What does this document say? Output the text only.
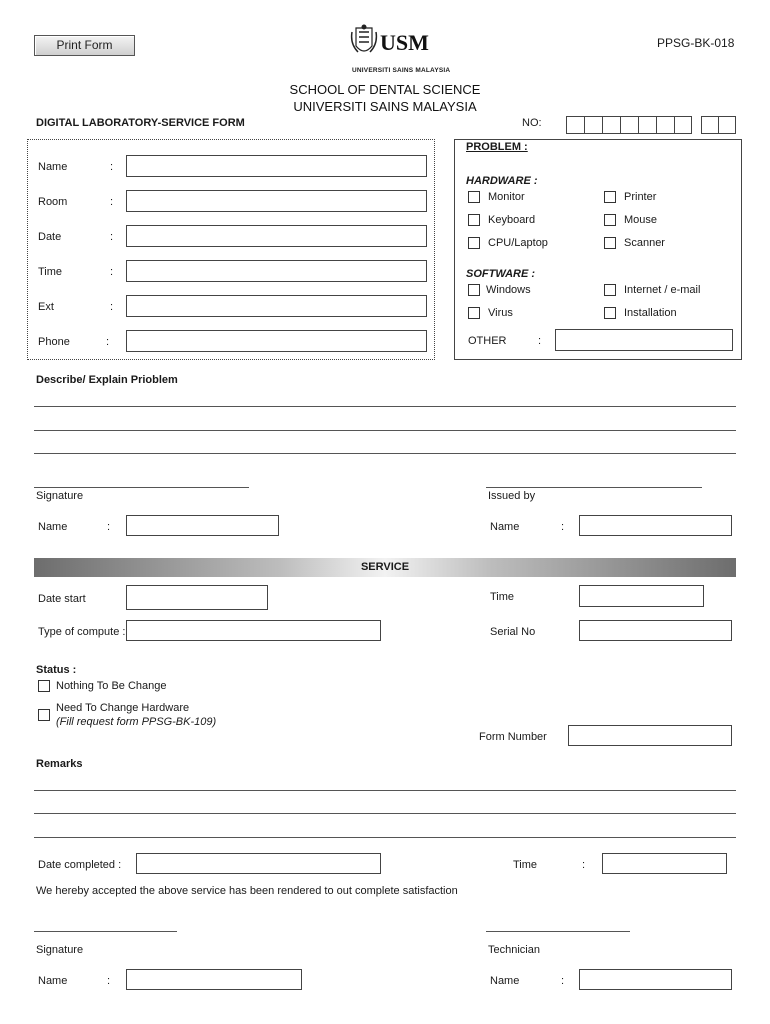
Print Form	PPSG-BK-018
USM
UNIVERSITI SAINS MALAYSIA
SCHOOL OF DENTAL SCIENCE
UNIVERSITI SAINS MALAYSIA
DIGITAL LABORATORY-SERVICE FORM	NO:
Name	:
Room	:
Date	:
Time	:
Ext	:
Phone	:
PROBLEM :
HARDWARE :
Monitor	Printer
Keyboard	Mouse
CPU/Laptop	Scanner
SOFTWARE :
Windows	Internet / e-mail
Virus	Installation
OTHER	:
Describe/ Explain Prioblem
Signature	Issued by
Name	:	Name	:
SERVICE
Date start	Time
Type of compute :	Serial No
Status :
Nothing To Be Change
Need To Change Hardware
(Fill request form PPSG-BK-109)
Form Number
Remarks
Date completed :	Time	:
We hereby accepted the above service has been rendered to out complete satisfaction
Signature	Technician
Name	:	Name	:
